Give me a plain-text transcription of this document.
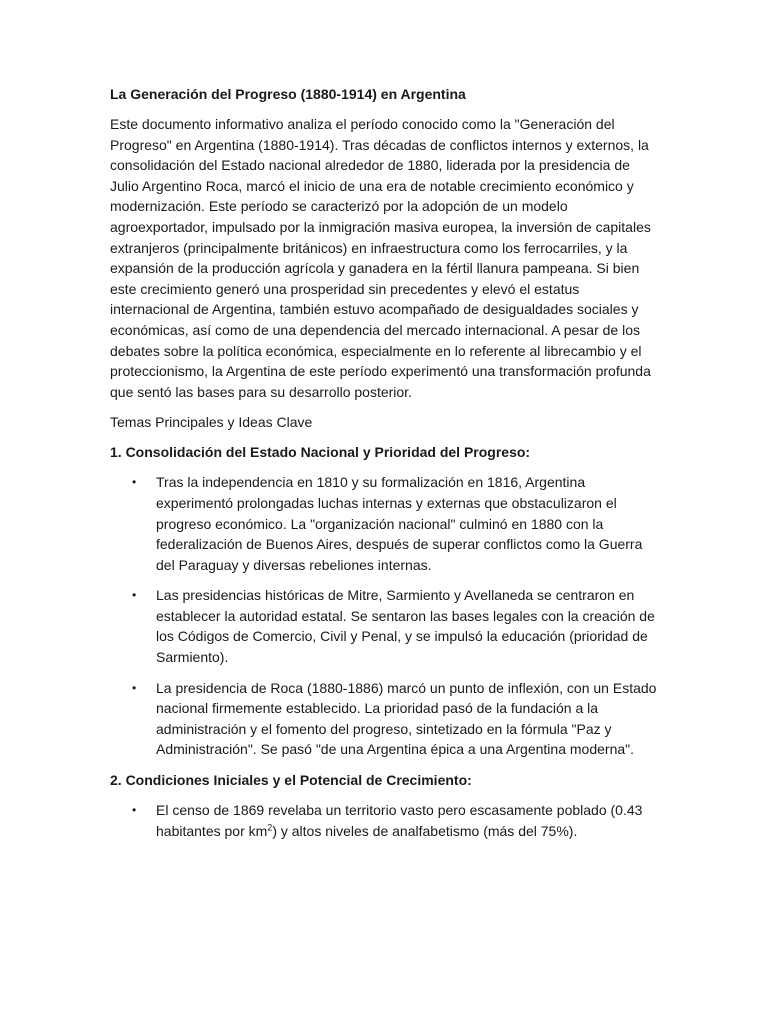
La Generación del Progreso (1880-1914) en Argentina
Este documento informativo analiza el período conocido como la "Generación del Progreso" en Argentina (1880-1914). Tras décadas de conflictos internos y externos, la consolidación del Estado nacional alrededor de 1880, liderada por la presidencia de Julio Argentino Roca, marcó el inicio de una era de notable crecimiento económico y modernización. Este período se caracterizó por la adopción de un modelo agroexportador, impulsado por la inmigración masiva europea, la inversión de capitales extranjeros (principalmente británicos) en infraestructura como los ferrocarriles, y la expansión de la producción agrícola y ganadera en la fértil llanura pampeana. Si bien este crecimiento generó una prosperidad sin precedentes y elevó el estatus internacional de Argentina, también estuvo acompañado de desigualdades sociales y económicas, así como de una dependencia del mercado internacional. A pesar de los debates sobre la política económica, especialmente en lo referente al librecambio y el proteccionismo, la Argentina de este período experimentó una transformación profunda que sentó las bases para su desarrollo posterior.
Temas Principales y Ideas Clave
1. Consolidación del Estado Nacional y Prioridad del Progreso:
• Tras la independencia en 1810 y su formalización en 1816, Argentina experimentó prolongadas luchas internas y externas que obstaculizaron el progreso económico. La "organización nacional" culminó en 1880 con la federalización de Buenos Aires, después de superar conflictos como la Guerra del Paraguay y diversas rebeliones internas.
• Las presidencias históricas de Mitre, Sarmiento y Avellaneda se centraron en establecer la autoridad estatal. Se sentaron las bases legales con la creación de los Códigos de Comercio, Civil y Penal, y se impulsó la educación (prioridad de Sarmiento).
• La presidencia de Roca (1880-1886) marcó un punto de inflexión, con un Estado nacional firmemente establecido. La prioridad pasó de la fundación a la administración y el fomento del progreso, sintetizado en la fórmula "Paz y Administración". Se pasó "de una Argentina épica a una Argentina moderna".
2. Condiciones Iniciales y el Potencial de Crecimiento:
• El censo de 1869 revelaba un territorio vasto pero escasamente poblado (0.43 habitantes por $km^2$) y altos niveles de analfabetismo (más del 75%).
